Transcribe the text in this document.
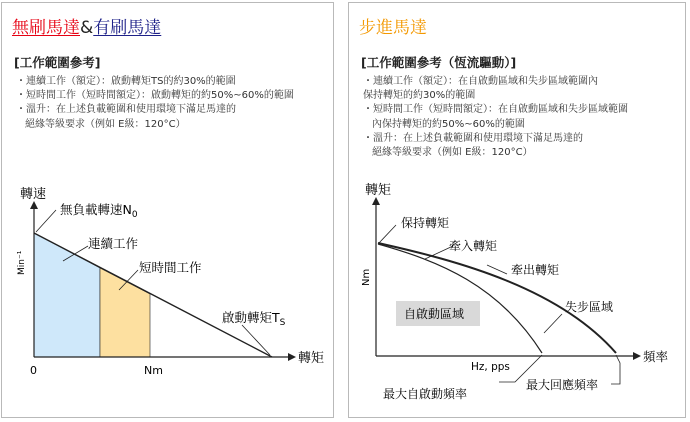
無刷馬達&有刷馬達
[工作範圍參考]
・連續工作（額定）：啟動轉矩TS的約30%的範圍
・短時間工作（短時間額定）：啟動轉矩的約50%~60%的範圍
・溫升：在上述負載範圍和使用環境下滿足馬達的
絕緣等級要求（例如 E級：120°C）
轉速
Min⁻¹
轉矩
0	Nm
無負載轉速$N_0$
連續工作
短時間工作
啟動轉矩$T_S$
步進馬達
[工作範圍參考（恆流驅動）]
・連續工作（額定）：在自啟動區域和失步區域範圍內
保持轉矩的約30%的範圍
・短時間工作（短時間額定）：在自啟動區域和失步區域範圍
內保持轉矩的約50%~60%的範圍
・溫升：在上述負載範圍和使用環境下滿足馬達的
絕緣等級要求（例如 E級：120°C）
自啟動區域
轉矩
Nm
頻率
Hz, pps
保持轉矩
牽入轉矩
牽出轉矩
失步區域
最大自啟動頻率
最大回應頻率
